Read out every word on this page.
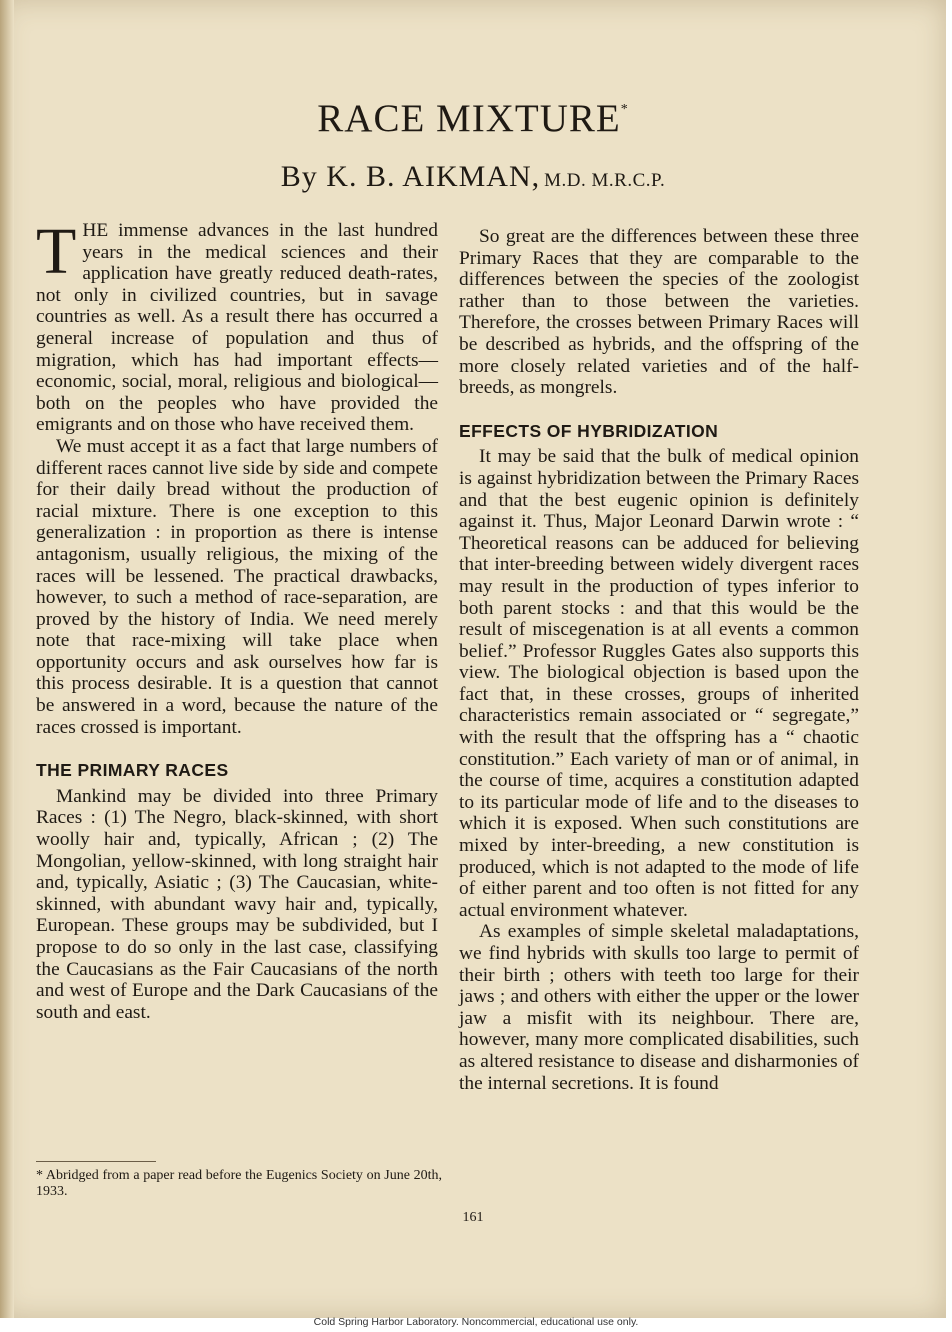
RACE MIXTURE*
By K. B. AIKMAN, M.D. M.R.C.P.

THE immense advances in the last hundred years in the medical sciences and their application have greatly reduced death-rates, not only in civilized countries, but in savage countries as well. As a result there has occurred a general increase of population and thus of migration, which has had important effects—economic, social, moral, religious and biological—both on the peoples who have provided the emigrants and on those who have received them.

We must accept it as a fact that large numbers of different races cannot live side by side and compete for their daily bread without the production of racial mixture. There is one exception to this generalization : in proportion as there is intense antagonism, usually religious, the mixing of the races will be lessened. The practical drawbacks, however, to such a method of race-separation, are proved by the history of India. We need merely note that race-mixing will take place when opportunity occurs and ask ourselves how far is this process desirable. It is a question that cannot be answered in a word, because the nature of the races crossed is important.

THE PRIMARY RACES

Mankind may be divided into three Primary Races : (1) The Negro, black-skinned, with short woolly hair and, typically, African ; (2) The Mongolian, yellow-skinned, with long straight hair and, typically, Asiatic ; (3) The Caucasian, white-skinned, with abundant wavy hair and, typically, European. These groups may be subdivided, but I propose to do so only in the last case, classifying the Caucasians as the Fair Caucasians of the north and west of Europe and the Dark Caucasians of the south and east.

* Abridged from a paper read before the Eugenics Society on June 20th, 1933.

So great are the differences between these three Primary Races that they are comparable to the differences between the species of the zoologist rather than to those between the varieties. Therefore, the crosses between Primary Races will be described as hybrids, and the offspring of the more closely related varieties and of the half-breeds, as mongrels.

EFFECTS OF HYBRIDIZATION

It may be said that the bulk of medical opinion is against hybridization between the Primary Races and that the best eugenic opinion is definitely against it. Thus, Major Leonard Darwin wrote : “ Theoretical reasons can be adduced for believing that inter-breeding between widely divergent races may result in the production of types inferior to both parent stocks : and that this would be the result of miscegenation is at all events a common belief.” Professor Ruggles Gates also supports this view. The biological objection is based upon the fact that, in these crosses, groups of inherited characteristics remain associated or “ segregate,” with the result that the offspring has a “ chaotic constitution.” Each variety of man or of animal, in the course of time, acquires a constitution adapted to its particular mode of life and to the diseases to which it is exposed. When such constitutions are mixed by inter-breeding, a new constitution is produced, which is not adapted to the mode of life of either parent and too often is not fitted for any actual environment whatever.

As examples of simple skeletal maladaptations, we find hybrids with skulls too large to permit of their birth ; others with teeth too large for their jaws ; and others with either the upper or the lower jaw a misfit with its neighbour. There are, however, many more complicated disabilities, such as altered resistance to disease and disharmonies of the internal secretions. It is found

161
Cold Spring Harbor Laboratory. Noncommercial, educational use only.
